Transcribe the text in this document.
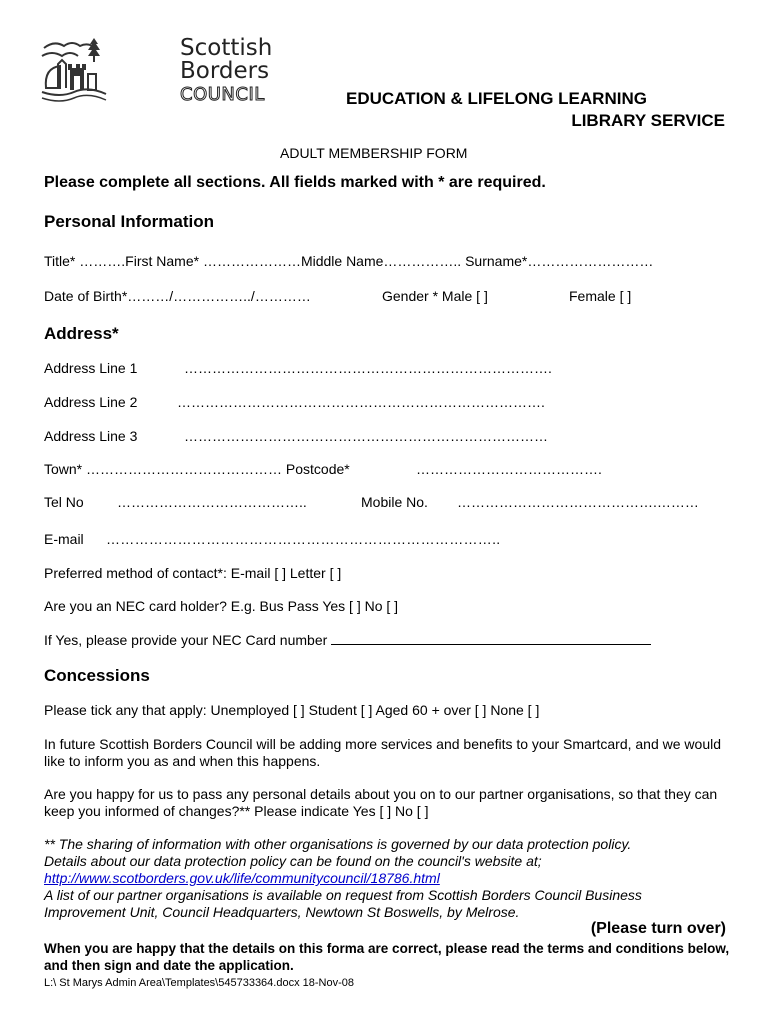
Scottish
Borders
COUNCIL	EDUCATION & LIFELONG LEARNING
LIBRARY SERVICE
ADULT MEMBERSHIP FORM
Please complete all sections. All fields marked with * are required.
Personal Information
Title* ……….First Name* …………………Middle Name…………….. Surname*………………………
Date of Birth*………/……………../…………	Gender * Male [ ]	Female [ ]
Address*
Address Line 1	…………………………………………………………………….
Address Line 2	…………………………………………………………………….
Address Line 3	……………………………………………………………………
Town* …………………………………… Postcode*	………………………………….
Tel No …………………………………..	Mobile No. …………………………………….………
E-mail ………………………………………………………………………..
Preferred method of contact*: E-mail [ ] Letter [ ]
Are you an NEC card holder? E.g. Bus Pass Yes [ ] No [ ]
If Yes, please provide your NEC Card number
Concessions
Please tick any that apply: Unemployed [ ] Student [ ] Aged 60 + over [ ] None [ ]
In future Scottish Borders Council will be adding more services and benefits to your Smartcard, and we would like to inform you as and when this happens.
Are you happy for us to pass any personal details about you on to our partner organisations, so that they can keep you informed of changes?** Please indicate Yes [ ] No [ ]
** The sharing of information with other organisations is governed by our data protection policy.
Details about our data protection policy can be found on the council's website at;
http://www.scotborders.gov.uk/life/communitycouncil/18786.html
A list of our partner organisations is available on request from Scottish Borders Council Business
Improvement Unit, Council Headquarters, Newtown St Boswells, by Melrose.
(Please turn over)
When you are happy that the details on this forma are correct, please read the terms and conditions below, and then sign and date the application.
L:\ St Marys Admin Area\Templates\545733364.docx 18-Nov-08
